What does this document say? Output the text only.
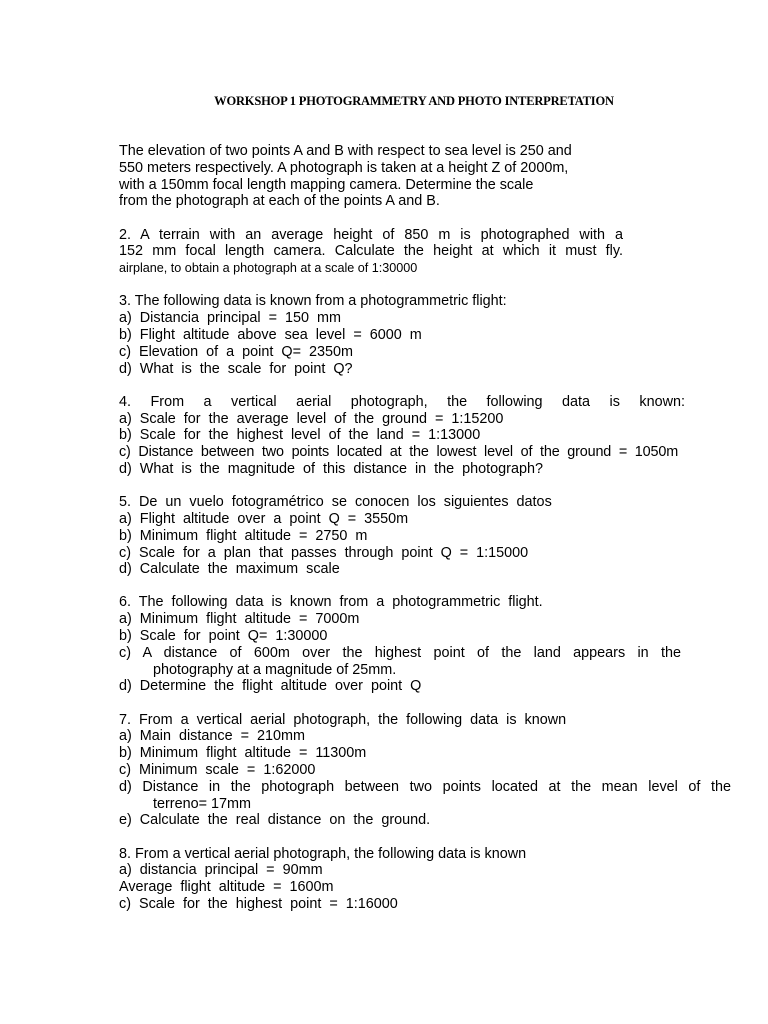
WORKSHOP 1 PHOTOGRAMMETRY AND PHOTO INTERPRETATION
The elevation of two points A and B with respect to sea level is 250 and
550 meters respectively. A photograph is taken at a height Z of 2000m,
with a 150mm focal length mapping camera. Determine the scale
from the photograph at each of the points A and B.
2. A terrain with an average height of 850 m is photographed with a
152 mm focal length camera. Calculate the height at which it must fly.
airplane, to obtain a photograph at a scale of 1:30000
3. The following data is known from a photogrammetric flight:
a)  Distancia  principal  =  150  mm
b)  Flight  altitude  above  sea  level  =  6000  m
c)  Elevation  of  a  point  Q=  2350m
d)  What  is  the  scale  for  point  Q?
4. From a vertical aerial photograph, the following data is known:
a)  Scale  for  the  average  level  of  the  ground  =  1:15200
b)  Scale  for  the  highest  level  of  the  land  =  1:13000
c)  Distance  between  two  points  located  at  the  lowest  level  of  the  ground  =  1050m
d)  What  is  the  magnitude  of  this  distance  in  the  photograph?
5.  De  un  vuelo  fotogramétrico  se  conocen  los  siguientes  datos
a)  Flight  altitude  over  a  point  Q  =  3550m
b)  Minimum  flight  altitude  =  2750  m
c)  Scale  for  a  plan  that  passes  through  point  Q  =  1:15000
d)  Calculate  the  maximum  scale
6.  The  following  data  is  known  from  a  photogrammetric  flight.
a)  Minimum  flight  altitude  =  7000m
b)  Scale  for  point  Q=  1:30000
c) A distance of 600m over the highest point of the land appears in the
photography at a magnitude of 25mm.
d)  Determine  the  flight  altitude  over  point  Q
7.  From  a  vertical  aerial  photograph,  the  following  data  is  known
a)  Main  distance  =  210mm
b)  Minimum  flight  altitude  =  11300m
c)  Minimum  scale  =  1:62000
d) Distance in the photograph between two points located at the mean level of the
terreno= 17mm
e)  Calculate  the  real  distance  on  the  ground.
8. From a vertical aerial photograph, the following data is known
a)  distancia  principal  =  90mm
Average  flight  altitude  =  1600m
c)  Scale  for  the  highest  point  =  1:16000
